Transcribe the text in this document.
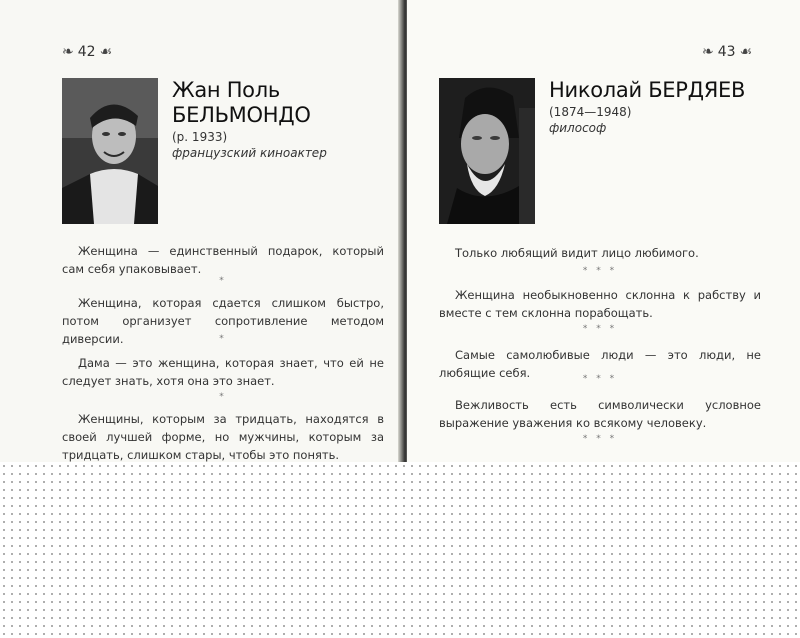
❧ 42 ☙
Жан Поль
БЕЛЬМОНДО
(р. 1933)
французский киноактер
Женщина — единственный подарок, который сам себя упаковывает.
*
Женщина, которая сдается слишком быстро, потом организует сопротивление методом диверсии.	*
Дама — это женщина, которая знает, что ей не следует знать, хотя она это знает.
*
Женщины, которым за тридцать, находятся в своей лучшей форме, но мужчины, которым за тридцать, слишком стары, чтобы это понять.
❧ 43 ☙
Николай БЕРДЯЕВ
(1874—1948)
философ
Только любящий видит лицо любимого.
* * *
Женщина необыкновенно склонна к рабству и вместе с тем склонна порабощать.
* * *
Самые самолюбивые люди — это люди, не любящие себя.	* * *
Вежливость есть символически условное выражение уважения ко всякому человеку.
* * *
